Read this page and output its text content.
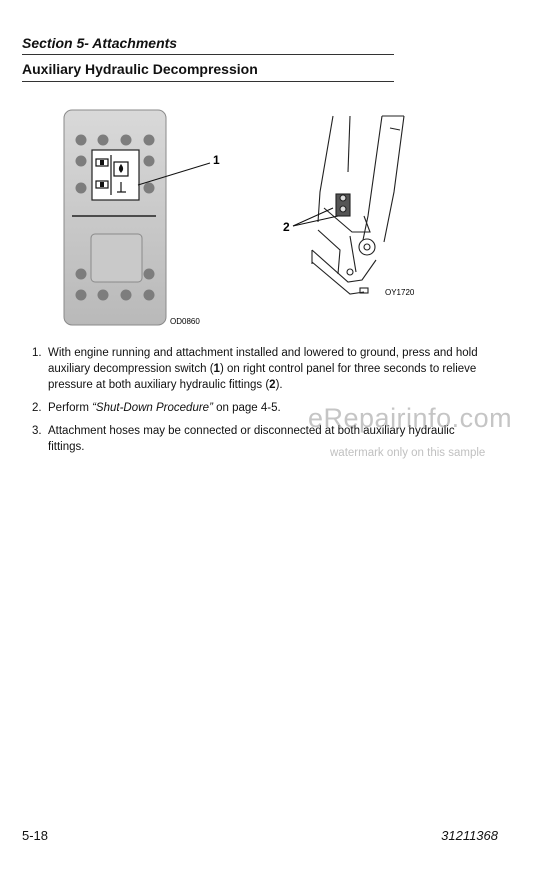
Section 5- Attachments
Auxiliary Hydraulic Decompression
1
OD0860
2
OY1720
1. With engine running and attachment installed and lowered to ground, press and hold auxiliary decompression switch (1) on right control panel for three seconds to relieve pressure at both auxiliary hydraulic fittings (2).
2. Perform “Shut-Down Procedure” on page 4-5.
3. Attachment hoses may be connected or disconnected at both auxiliary hydraulic fittings.
eRepairinfo.com
watermark only on this sample
5-18	31211368
